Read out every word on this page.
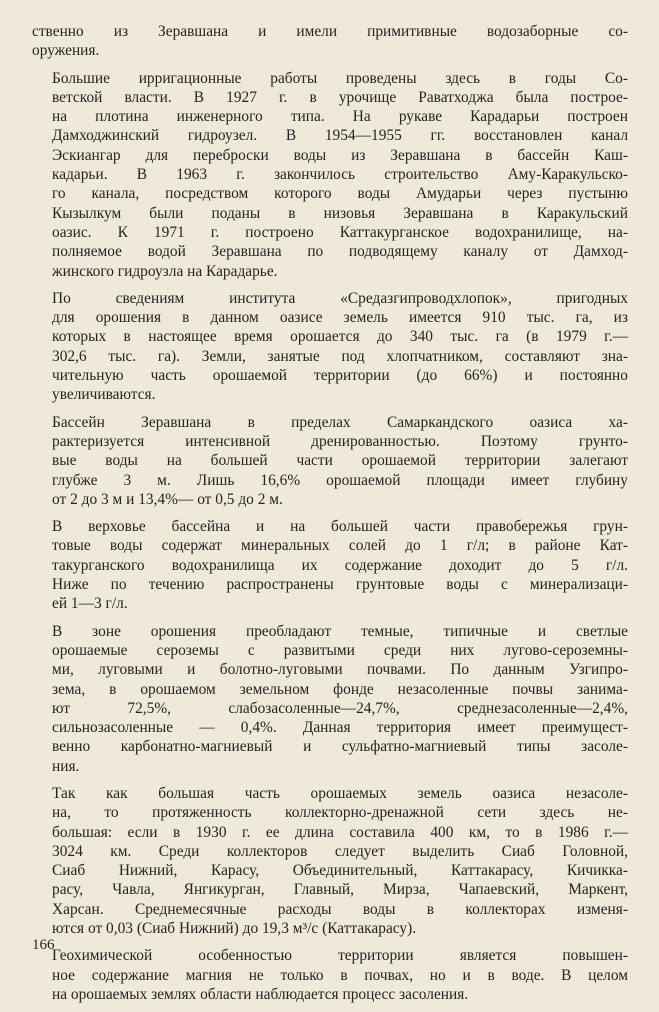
ственно из Зеравшана и имели примитивные водозаборные со-
оружения.

Большие ирригационные работы проведены здесь в годы Со-
ветской власти. В 1927 г. в урочище Раватходжа была построе-
на плотина инженерного типа. На рукаве Карадарьи построен
Дамходжинский гидроузел. В 1954—1955 гг. восстановлен канал
Эскиангар для переброски воды из Зеравшана в бассейн Каш-
кадарьи. В 1963 г. закончилось строительство Аму-Каракульско-
го канала, посредством которого воды Амударьи через пустыню
Кызылкум были поданы в низовья Зеравшана в Каракульский
оазис. К 1971 г. построено Каттакурганское водохранилище, на-
полняемое водой Зеравшана по подводящему каналу от Дамход-
жинского гидроузла на Карадарье.

По сведениям института «Средазгипроводхлопок», пригодных
для орошения в данном оазисе земель имеется 910 тыс. га, из
которых в настоящее время орошается до 340 тыс. га (в 1979 г.—
302,6 тыс. га). Земли, занятые под хлопчатником, составляют зна-
чительную часть орошаемой территории (до 66%) и постоянно
увеличиваются.

Бассейн Зеравшана в пределах Самаркандского оазиса ха-
рактеризуется интенсивной дренированностью. Поэтому грунто-
вые воды на большей части орошаемой территории залегают
глубже 3 м. Лишь 16,6% орошаемой площади имеет глубину
от 2 до 3 м и 13,4%— от 0,5 до 2 м.

В верховье бассейна и на большей части правобережья грун-
товые воды содержат минеральных солей до 1 г/л; в районе Кат-
такурганского водохранилища их содержание доходит до 5 г/л.
Ниже по течению распространены грунтовые воды с минерализаци-
ей 1—3 г/л.

В зоне орошения преобладают темные, типичные и светлые
орошаемые сероземы с развитыми среди них лугово-сероземны-
ми, луговыми и болотно-луговыми почвами. По данным Узгипро-
зема, в орошаемом земельном фонде незасоленные почвы занима-
ют 72,5%, слабозасоленные—24,7%, среднезасоленные—2,4%,
сильнозасоленные — 0,4%. Данная территория имеет преимущест-
венно карбонатно-магниевый и сульфатно-магниевый типы засоле-
ния.

Так как большая часть орошаемых земель оазиса незасоле-
на, то протяженность коллекторно-дренажной сети здесь не-
большая: если в 1930 г. ее длина составила 400 км, то в 1986 г.—
3024 км. Среди коллекторов следует выделить Сиаб Головной,
Сиаб Нижний, Карасу, Объединительный, Каттакарасу, Кичикка-
расу, Чавла, Янгикурган, Главный, Мирза, Чапаевский, Маркент,
Харсан. Среднемесячные расходы воды в коллекторах изменя-
ются от 0,03 (Сиаб Нижний) до 19,3 м³/с (Каттакарасу).

Геохимической особенностью территории является повышен-
ное содержание магния не только в почвах, но и в воде. В целом
на орошаемых землях области наблюдается процесс засоления.

166
